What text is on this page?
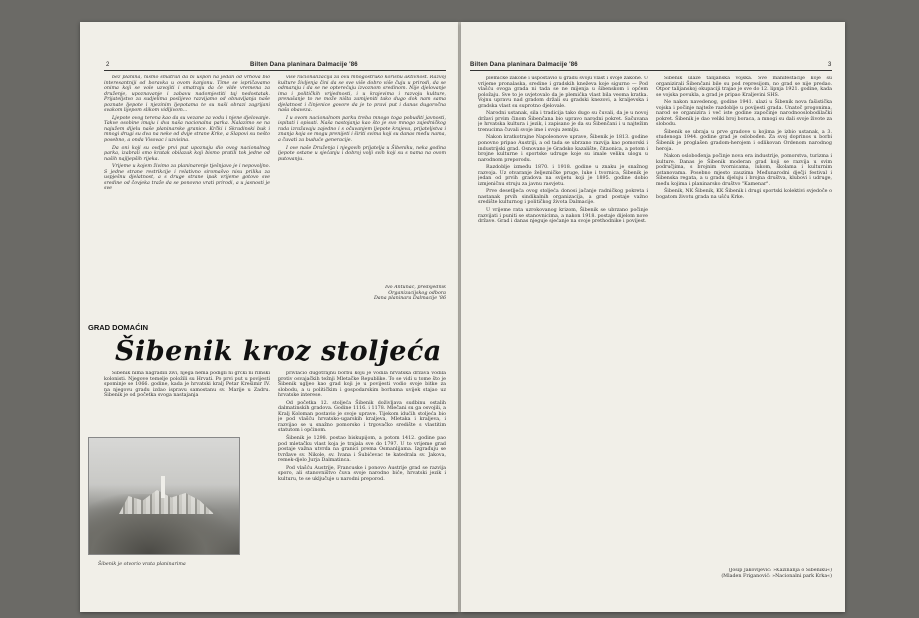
2	Bilten Dana planinara Dalmacije '86

bez planina, nismo smatrali da bi uspon na jedan od vrhova bio interesantniji od boravka u ovom kanjonu. Time se ispričavamo onima koji se vole uzvojiti i smatraju da će vlde vremena za druženje, upoznavanje i zabavu nadomjestiti taj nedostatak. Prijateljstvo za sudjelima poslijevo razvijamo od obnavljanja naše poznate ljepote i njezinim ljepotama te su naši obrazi zagrijani svakom lijepom slikom vidljivom...

Ljepote ovog terena kao da su vezane za vodu i njene djelovanje. Takve osobine imaju i dva naša nacionalna parka. Nalazimo se na najužem dijelu naše planinarske granice. Krčki i Skradinski buk i mnogi drugi su dva na neke od dvije strane Krke, a Slapovi su nešto posebno, a onda Visovac i uzvisina.

Da oni koji su ovdje prvi put upoznaju dio ovog nacionalnog parka, izabrali smo kratak obilazak koji bismo pratili tok jedne od naših najljepših rijeka.

Vrijeme u kojem živimo za planinarenje tješnjavo je i nepovoljno. S jedne strane restrikcije i relativno siromašvo nisu prilika za uspješnu djelatnost, a s druge strane ipak vrijeme gotovo sve sredine od čovjeka traže da se ponovno vrati prirodi, a u jasnosti je sve

više racionalizacija za ovu mnogostruko korisnu aktivnost. Razvoj kulture življenja čini da se sve više dobro više čuju u prirodi, da se odmaraju i da se ne opterećuju izvoznom sredinom. Nije djelovanje ima i političkih vrijednosti, i u krajevima i razvoju kulture, prenašanje to ne može ništa zamijeniti tako dugo dok nam sama djelatnost i činjenice govore da je to pravi put i danas dugoročna naša obaveza.

I u ovom nacionalnom parku treba mnogo toga pobuditi javnosti, ispitati i opisati. Naša nastojanja kao što je svo mnogo zajedničkog rada izražavaju zajedno i s očuvanjem ljepote krajeva, prijateljstva i znanja koja se mogu prenijeti i širiti svima koji su danas među nama, a čuvati za buduće generacije.

I ove naše Druženja i njegovih prijatelja u Šibeniku, neka godina ljepote ostane u sjećanju i dobroj volji svih koji su s nama na ovom putovanju.

Ivo Antunac, predsjednik
Organizacijskog odbora
Dana planinara Dalmacije '86
GRAD DOMAĆIN
Šibenik kroz stoljeća

Šibenik nima nagradili živi, njega nema podigli ni grčki ni rimski kolonisti. Njegove temelje položili su Hrvati. Po prvi put u povijesti spominje se 1066. godine, kada je hrvatski kralj Petar Krešimir IV. na njegovu gradu izdao ispravu samostanu sv. Marije u Zadru. Šibenik je od početka svoga nastajanja

Šibenik je otvorio vrata planinarima

privlačio dugotrajnu borbu koju je vodila hrvatska država vodila protiv osvajačkih težnji Mletačke Republike. To se vidi u tome što je Šibenik ugljeo kao grad koji je u povijesti vodio svoje bitke za slobodu, a u političkim i gospodarskim borbama uvijek stajao uz hrvatske interese.

Od početka 12. stoljeća Šibenik doživljava sudbinu ostalih dalmatinskih gradova. Godine 1116. i 1178. Mlečani su ga osvojili, a Kralj Koloman postavio je svoje uprave. Tijekom idućih stoljeća bio je pod vlašću hrvatsko-ugarskih kraljeva, Mletaka i kraljeva, i razvijao se u snažno pomorsko i trgovačko središte s vlastitim statutom i općinom.

Šibenik je 1298. postao biskupijom, a potom 1412. godine pao pod mletačku vlast koja je trajala sve do 1797. U to vrijeme grad postaje važna utvrda na granici prema Osmanlijama. Izgrađuju se tvrđave sv. Nikole, sv. Ivana i Šubićevac te katedrala sv. Jakova, remek-djelo Jurja Dalmatinca.

Pod vlašću Austrije, Francuske i ponovo Austrije grad se razvija sporo, ali stanovništvo čuva svoje narodno biće, hrvatski jezik i kulturu, te se uključuje u narodni preporod.

Bilten Dana planinara Dalmacije '86	3

plemićke zakone i uspostavio u gradu svoju vlast i svoje zakone. U vrijeme pronalaska, sredine i gradskih kneževa koje sigurno — Pod vlašću ovoga grada ni tada se ne mijenja u šibenskom i općem položaju. Sve to je uvjetovalo da je plemićka vlast bila veoma kratka. Vojnu upravu nad gradom držali su gradski knezovi, a kraljevska i gradska vlast su suprotno djelovale.

Narodni ustanak, sila i tradicija tako dugo su čuvali, da je u novoj državi prvim činom Šibenčana bio upravo narodni pokret. Sačuvana je hrvatska kultura i jezik, i zapisano je da su Šibenčani i u najtežim trenucima čuvali svoje ime i svoju zemlju.

Nakon kratkotrajne Napoleonove uprave, Šibenik je 1813. godine ponovno pripao Austriji, a od tada se ubrzano razvija kao pomorski i industrijski grad. Osnovano je Gradsko kazalište, čitaonica, a potom i brojne kulturne i sportske udruge koje su imale veliku ulogu u narodnom preporodu.

Razdoblje između 1870. i 1918. godine u znaku je snažnog razvoja. Uz otvaranje željezničke pruge, luke i tvornica, Šibenik je jedan od prvih gradova na svijetu koji je 1895. godine dobio izmjeničnu struju za javnu rasvjetu.

Prve desetljeća ovog stoljeća donosi jačanje radničkog pokreta i nastanak prvih sindikalnih organizacija, a grad postaje važno središte kulturnog i političkog života Dalmacije.

U vrijeme rata uzrokovanog krizom, Šibenik se ubrzano počinje razvijati i puniti se stanovnicima, a nakon 1918. postaje dijelom nove države. Grad i danas njeguje sjećanje na svoje prethodnike i povijest.

Šibenik ulaze talijanska vojska. Sve manifestacije koje su organizirali Šibenčani bile su pod represijom, no grad se nije predao. Otpor talijanskoj okupaciji trajao je sve do 12. lipnja 1921. godine, kada se vojska povukla, a grad je pripao Kraljevini SHS.

Ne nakon navedenog, godine 1941. ulazi u Šibenik nova fašistička vojska i počinje najteže razdoblje u povijesti grada. Unatoč progonima, narod se organizira i već iste godine započinje narodnooslobodilački pokret. Šibenik je dao veliki broj boraca, a mnogi su dali svoje živote za slobodu.

Šibenik se ubraja u prve gradove u kojima je izbio ustanak, a 3. studenoga 1944. godine grad je oslobođen. Za svoj doprinos u borbi Šibenik je proglašen gradom-herojem i odlikovan Ordenom narodnog heroja.

Nakon oslobođenja počinje nova era industrije, pomorstva, turizma i kulture. Danas je Šibenik moderan grad koji se razvija u svim područjima, s brojnim tvornicama, lukom, školama i kulturnim ustanovama. Posebno mjesto zauzima Međunarodni dječji festival i Šibenska regata, a u gradu djeluju i brojna društva, klubovi i udruge, među kojima i planinarsko društvo "Kamenar".

Šibenik, NK Šibenik, KK Šibenik i drugi sportski kolektivi svjedoče o bogatom životu grada na ušću Krke.

(Josip Jakovljević: »Kažinanja o Šibeniku«)
(Mladen Friganović: »Nacionalni park Krka«)
